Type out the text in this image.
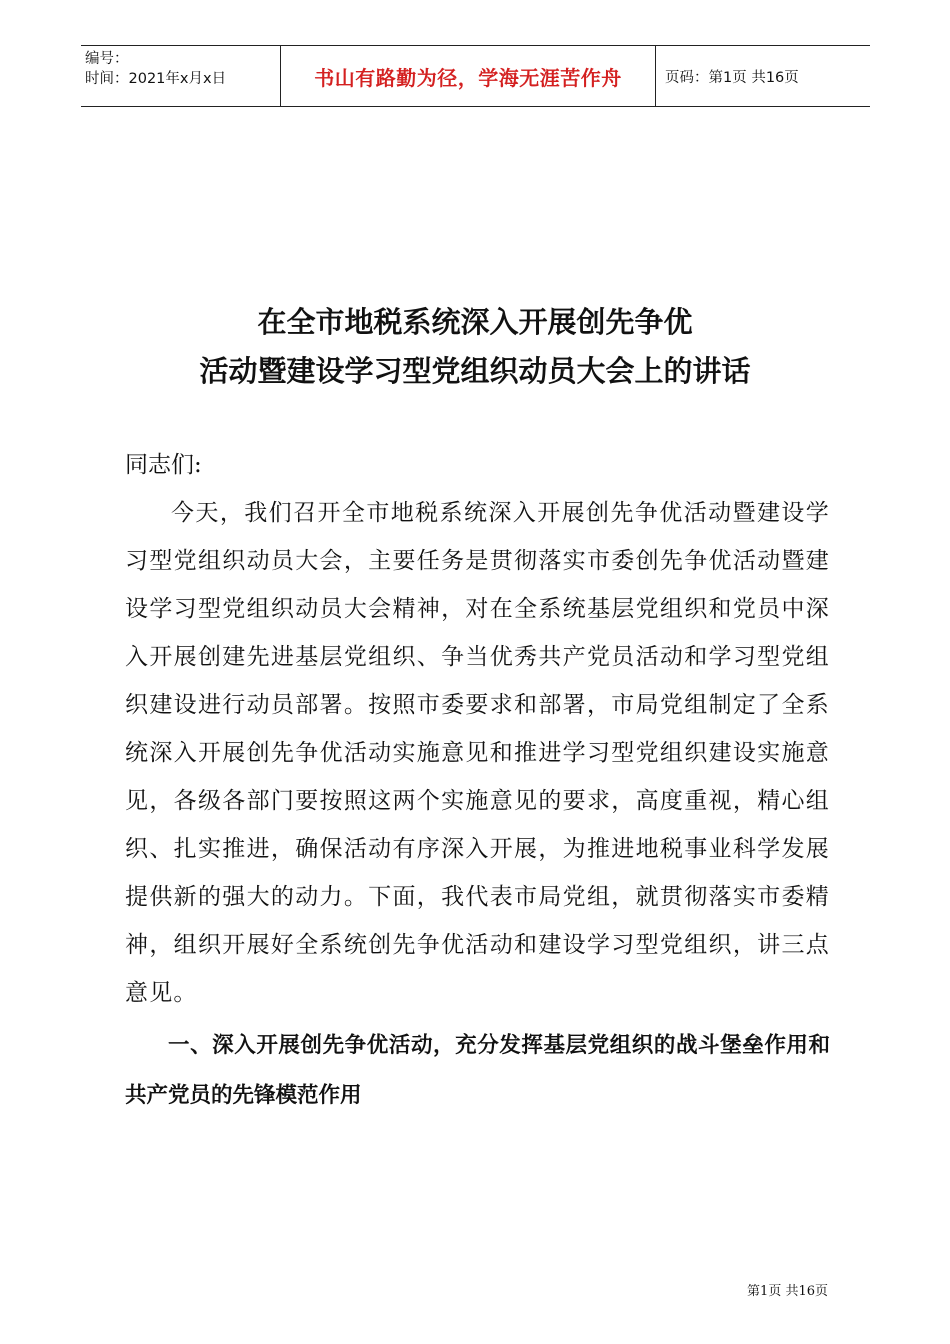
编号：
时间：2021年x月x日	书山有路勤为径，学海无涯苦作舟	页码：第1页 共16页
在全市地税系统深入开展创先争优
活动暨建设学习型党组织动员大会上的讲话

同志们:

今天，我们召开全市地税系统深入开展创先争优活动暨建设学习型党组织动员大会，主要任务是贯彻落实市委创先争优活动暨建设学习型党组织动员大会精神，对在全系统基层党组织和党员中深入开展创建先进基层党组织、争当优秀共产党员活动和学习型党组织建设进行动员部署。按照市委要求和部署，市局党组制定了全系统深入开展创先争优活动实施意见和推进学习型党组织建设实施意见，各级各部门要按照这两个实施意见的要求，高度重视，精心组织、扎实推进，确保活动有序深入开展，为推进地税事业科学发展提供新的强大的动力。下面，我代表市局党组，就贯彻落实市委精神，组织开展好全系统创先争优活动和建设学习型党组织，讲三点意见。

一、深入开展创先争优活动，充分发挥基层党组织的战斗堡垒作用和共产党员的先锋模范作用

第1页 共16页
